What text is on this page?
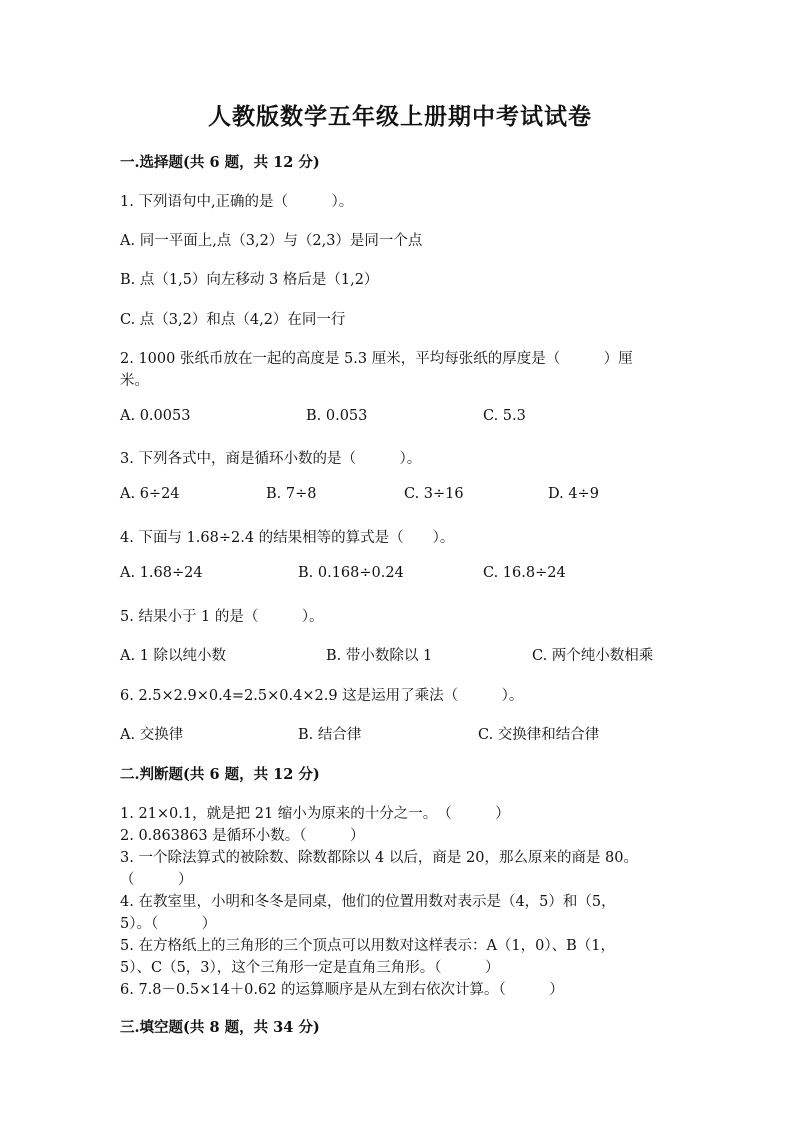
人教版数学五年级上册期中考试试卷
一.选择题(共 6 题，共 12 分)
1. 下列语句中,正确的是（　　　）。
A. 同一平面上,点（3,2）与（2,3）是同一个点
B. 点（1,5）向左移动 3 格后是（1,2）
C. 点（3,2）和点（4,2）在同一行
2. 1000 张纸币放在一起的高度是 5.3 厘米，平均每张纸的厚度是（　　　）厘
米。
A. 0.0053	B. 0.053	C. 5.3
3. 下列各式中，商是循环小数的是（　　　）。
A. 6÷24	B. 7÷8	C. 3÷16	D. 4÷9
4. 下面与 1.68÷2.4 的结果相等的算式是（　　）。
A. 1.68÷24	B. 0.168÷0.24	C. 16.8÷24
5. 结果小于 1 的是（　　　）。
A. 1 除以纯小数	B. 带小数除以 1	C. 两个纯小数相乘
6. 2.5×2.9×0.4=2.5×0.4×2.9 这是运用了乘法（　　　）。
A. 交换律	B. 结合律	C. 交换律和结合律
二.判断题(共 6 题，共 12 分)
1. 21×0.1，就是把 21 缩小为原来的十分之一。　（　　　）
2. 0.863863 是循环小数。（　　　）
3. 一个除法算式的被除数、除数都除以 4 以后，商是 20，那么原来的商是 80。
（　　　）
4. 在教室里，小明和冬冬是同桌，他们的位置用数对表示是（4，5）和（5，
5）。（　　　）
5. 在方格纸上的三角形的三个顶点可以用数对这样表示：A（1，0）、B（1，
5）、C（5，3），这个三角形一定是直角三角形。（　　　）
6. 7.8－0.5×14＋0.62 的运算顺序是从左到右依次计算。（　　　）
三.填空题(共 8 题，共 34 分)
